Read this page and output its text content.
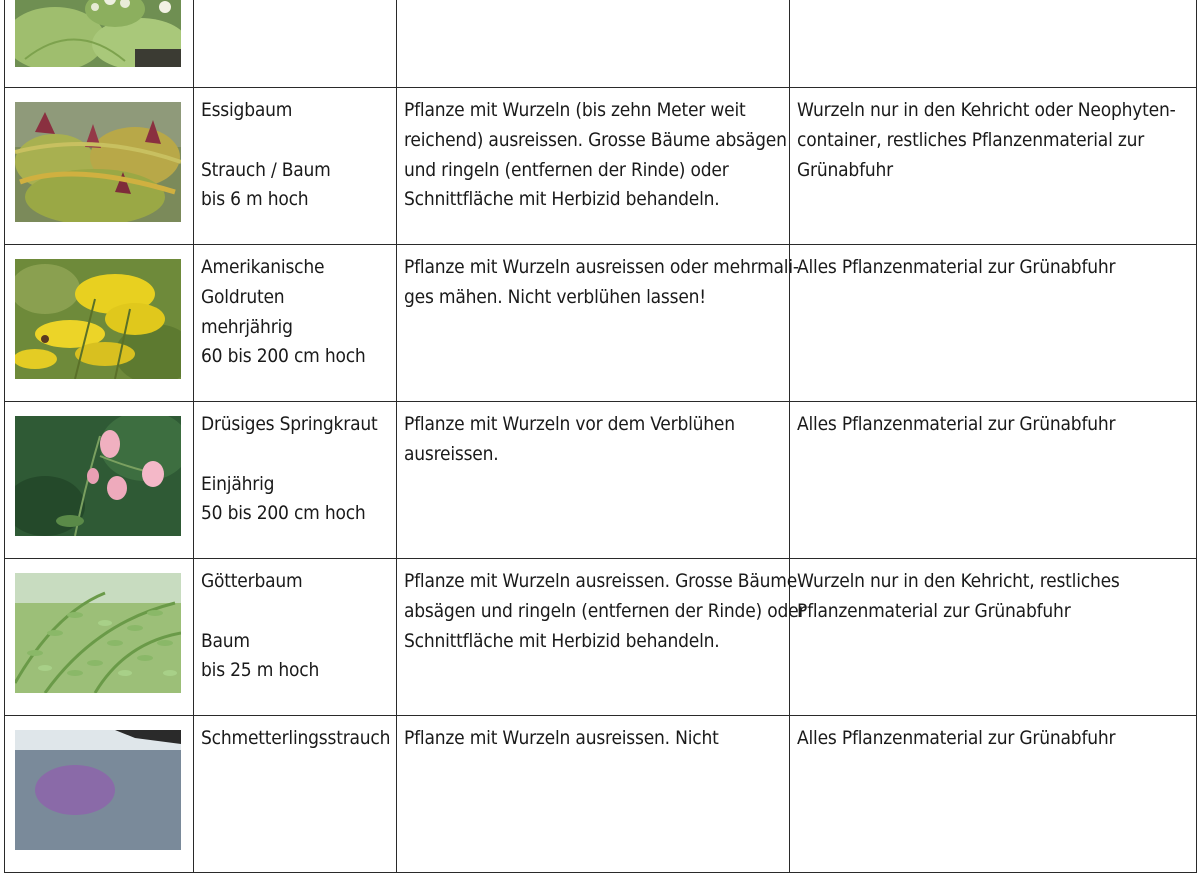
Essigbaum
Strauch / Baum
bis 6 m hoch	Pflanze mit Wurzeln (bis zehn Meter weit
reichend) ausreissen. Grosse Bäume absägen
und ringeln (entfernen der Rinde) oder
Schnittfläche mit Herbizid behandeln.	Wurzeln nur in den Kehricht oder Neophyten-
container, restliches Pflanzenmaterial zur
Grünabfuhr

Amerikanische
Goldruten
mehrjährig
60 bis 200 cm hoch	Pflanze mit Wurzeln ausreissen oder mehrmali-
ges mähen. Nicht verblühen lassen!	Alles Pflanzenmaterial zur Grünabfuhr

Drüsiges Springkraut
Einjährig
50 bis 200 cm hoch	Pflanze mit Wurzeln vor dem Verblühen
ausreissen.	Alles Pflanzenmaterial zur Grünabfuhr

Götterbaum
Baum
bis 25 m hoch	Pflanze mit Wurzeln ausreissen. Grosse Bäume
absägen und ringeln (entfernen der Rinde) oder
Schnittfläche mit Herbizid behandeln.	Wurzeln nur in den Kehricht, restliches
Pflanzenmaterial zur Grünabfuhr

Schmetterlingsstrauch	Pflanze mit Wurzeln ausreissen. Nicht	Alles Pflanzenmaterial zur Grünabfuhr
